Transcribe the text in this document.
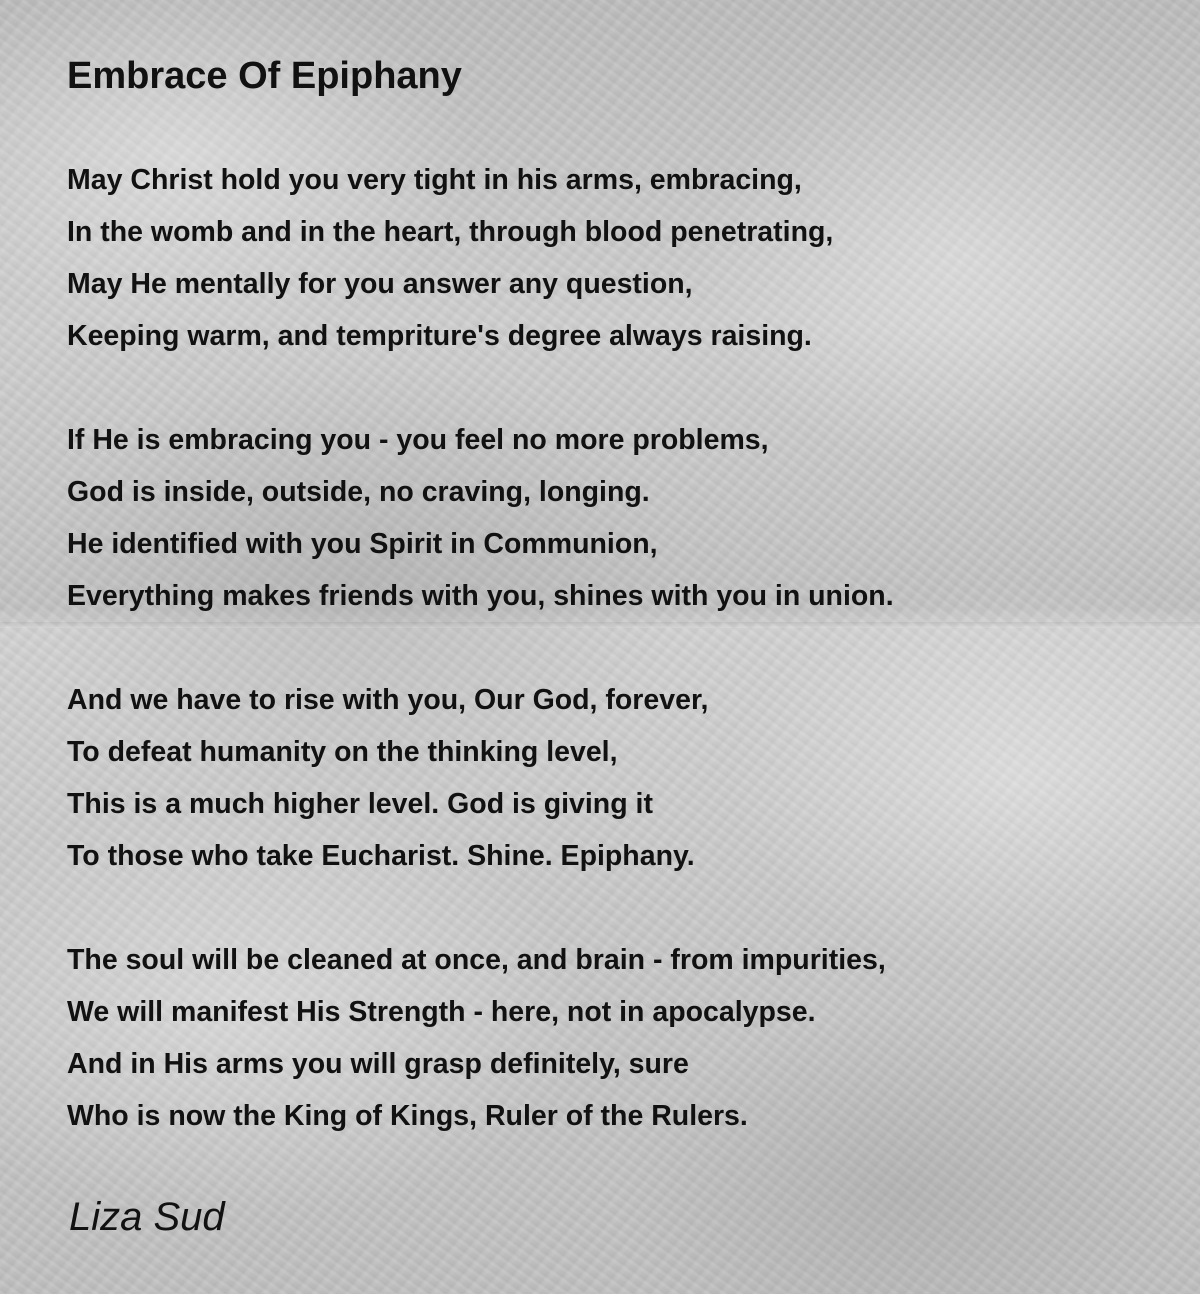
Embrace Of Epiphany
May Christ hold you very tight in his arms, embracing,
In the womb and in the heart, through blood penetrating,
May He mentally for you answer any question,
Keeping warm, and tempriture's degree always raising.
If He is embracing you - you feel no more problems,
God is inside, outside, no craving, longing.
He identified with you Spirit in Communion,
Everything makes friends with you, shines with you in union.
And we have to rise with you, Our God, forever,
To defeat humanity on the thinking level,
This is a much higher level. God is giving it
To those who take Eucharist. Shine. Epiphany.
The soul will be cleaned at once, and brain - from impurities,
We will manifest His Strength - here, not in apocalypse.
And in His arms you will grasp definitely, sure
Who is now the King of Kings, Ruler of the Rulers.
Liza Sud
